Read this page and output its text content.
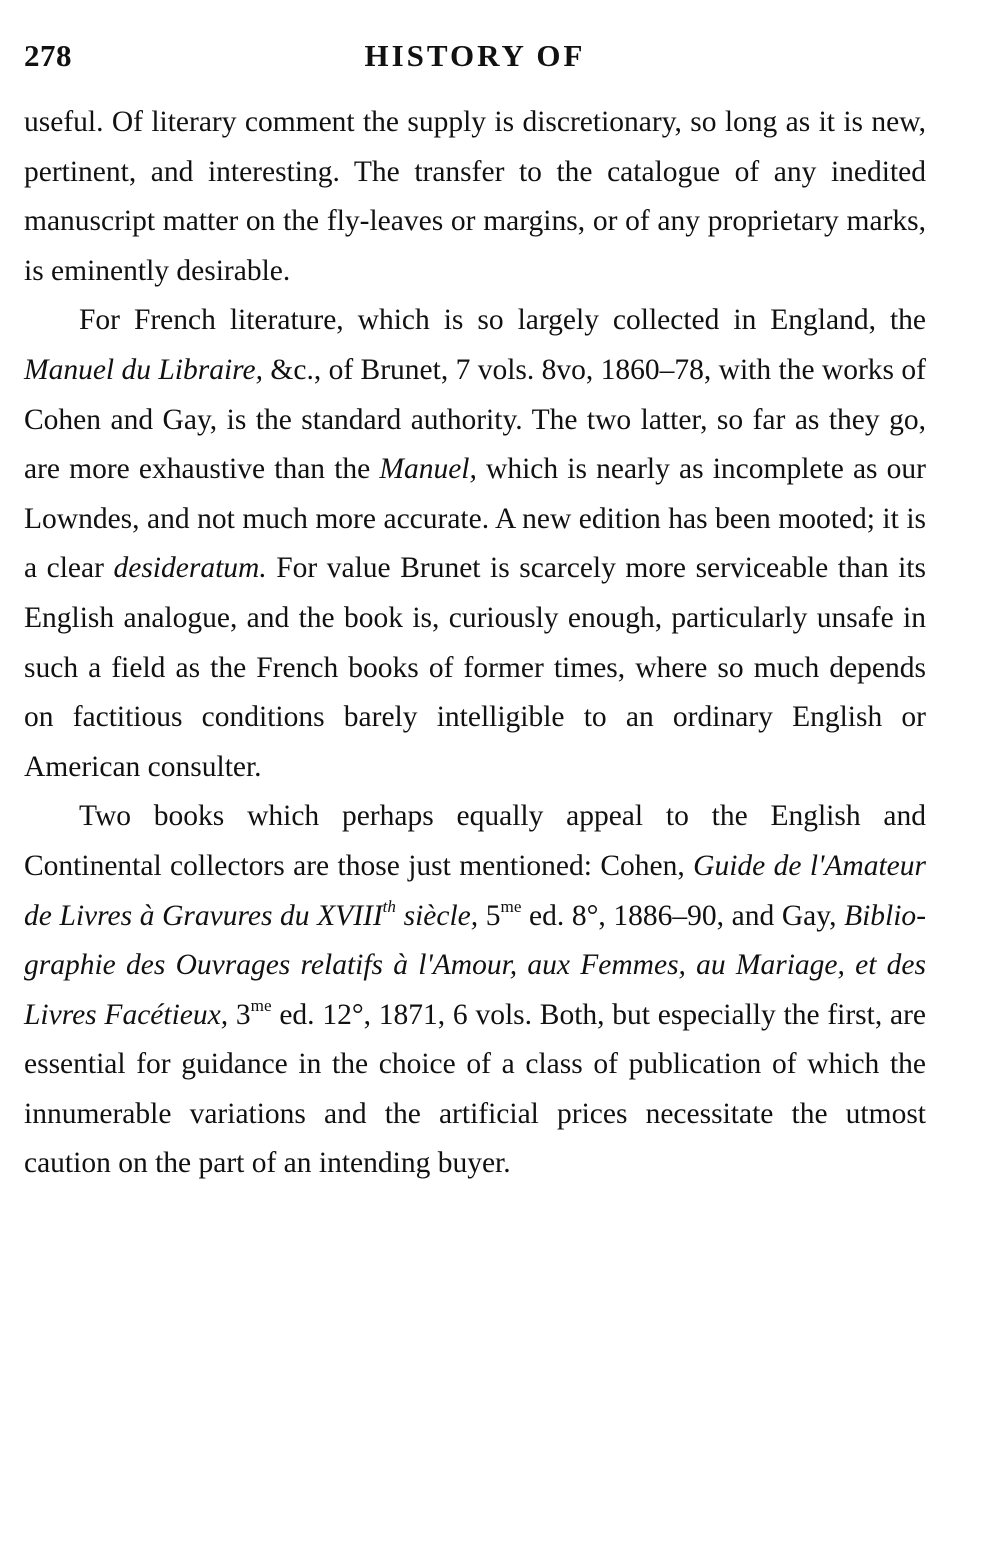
278	HISTORY OF

useful. Of literary comment the supply is discretionary, so long as it is new, pertinent, and interesting. The transfer to the catalogue of any inedited manuscript matter on the fly-leaves or margins, or of any proprietary marks, is eminently desirable.

For French literature, which is so largely collected in England, the Manuel du Libraire, &c., of Brunet, 7 vols. 8vo, 1860–78, with the works of Cohen and Gay, is the standard authority. The two latter, so far as they go, are more exhaustive than the Manuel, which is nearly as incomplete as our Lowndes, and not much more accurate. A new edition has been mooted; it is a clear desideratum. For value Brunet is scarcely more serviceable than its English analogue, and the book is, curiously enough, particularly unsafe in such a field as the French books of former times, where so much depends on factitious conditions barely intelligible to an ordinary English or American consulter.

Two books which perhaps equally appeal to the English and Continental collectors are those just mentioned: Cohen, Guide de l'Amateur de Livres à Gravures du XVIIIth siècle, $5^{me}$ ed. 8°, 1886–90, and Gay, Bibliographie des Ouvrages relatifs à l'Amour, aux Femmes, au Mariage, et des Livres Facétieux, $3^{me}$ ed. 12°, 1871, 6 vols. Both, but especially the first, are essential for guidance in the choice of a class of publication of which the innumerable variations and the artificial prices necessitate the utmost caution on the part of an intending buyer.
